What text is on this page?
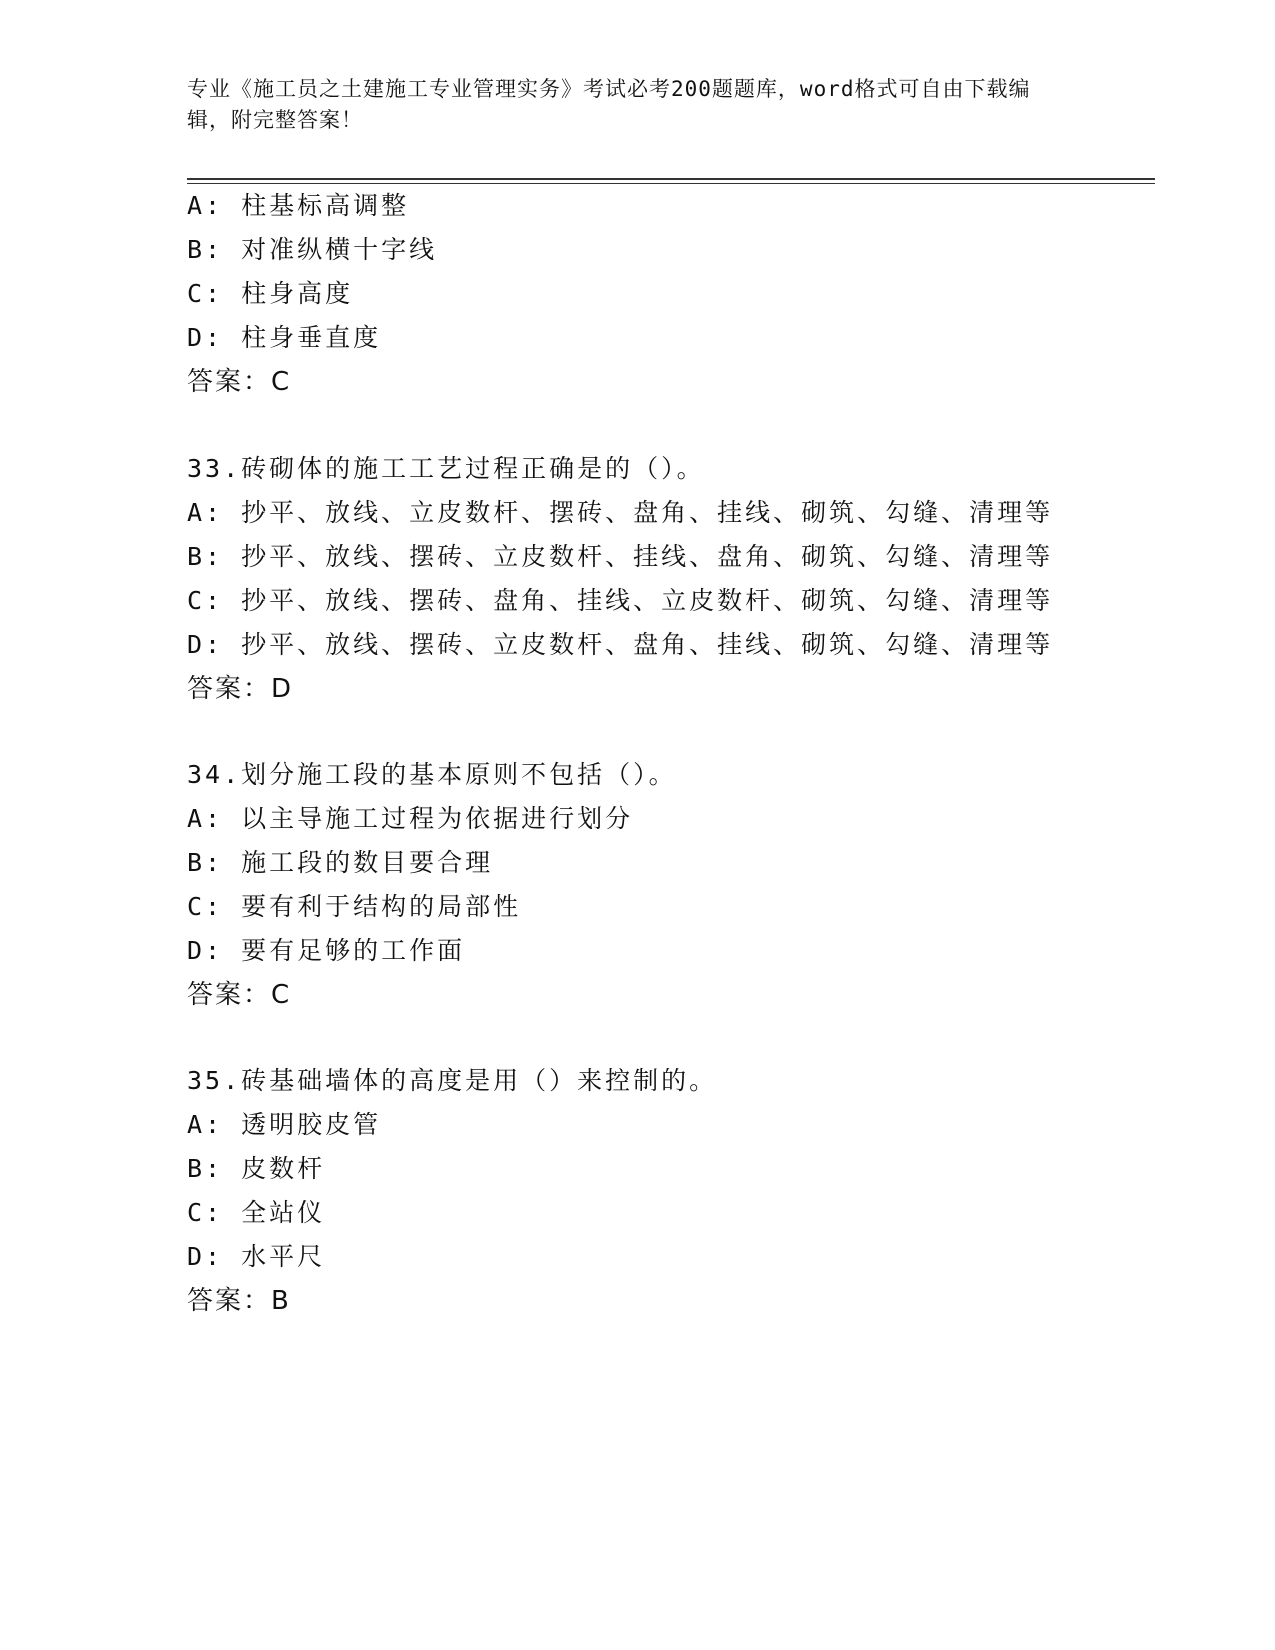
专业《施工员之土建施工专业管理实务》考试必考200题题库，word格式可自由下载编辑，附完整答案！
A: 柱基标高调整
B: 对准纵横十字线
C: 柱身高度
D: 柱身垂直度
答案：C
33.砖砌体的施工工艺过程正确是的（）。
A: 抄平、放线、立皮数杆、摆砖、盘角、挂线、砌筑、勾缝、清理等
B: 抄平、放线、摆砖、立皮数杆、挂线、盘角、砌筑、勾缝、清理等
C: 抄平、放线、摆砖、盘角、挂线、立皮数杆、砌筑、勾缝、清理等
D: 抄平、放线、摆砖、立皮数杆、盘角、挂线、砌筑、勾缝、清理等
答案：D
34.划分施工段的基本原则不包括（）。
A: 以主导施工过程为依据进行划分
B: 施工段的数目要合理
C: 要有利于结构的局部性
D: 要有足够的工作面
答案：C
35.砖基础墙体的高度是用（）来控制的。
A: 透明胶皮管
B: 皮数杆
C: 全站仪
D: 水平尺
答案：B
